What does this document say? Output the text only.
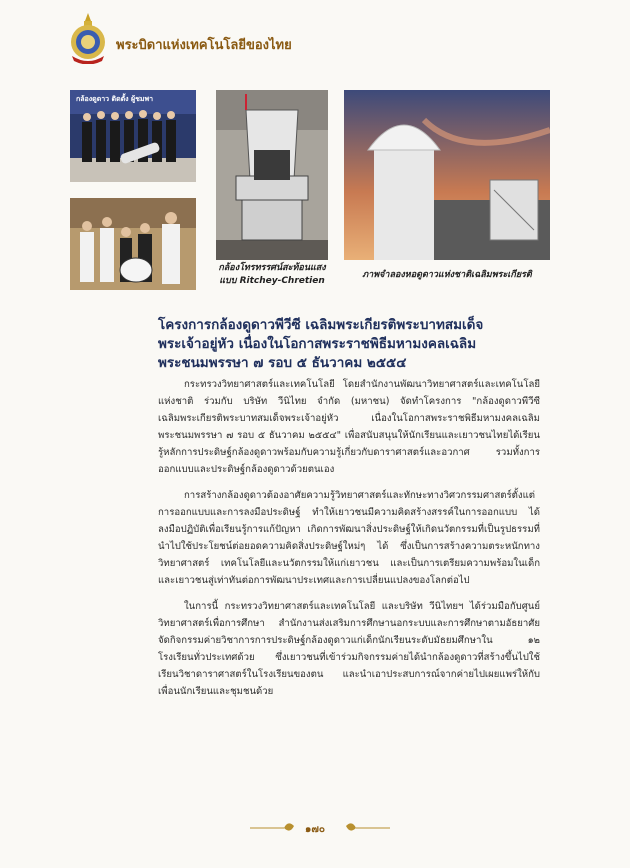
พระบิดาแห่งเทคโนโลยีของไทย
กล้องดูดาว ติดตั้ง ผู้ชมพา
กล้องโทรทรรศน์สะท้อนแสง
แบบ Ritchey-Chretien
ภาพจำลองหอดูดาวแห่งชาติเฉลิมพระเกียรติ
โครงการกล้องดูดาวพีวีซี เฉลิมพระเกียรติพระบาทสมเด็จพระเจ้าอยู่หัว เนื่องในโอกาสพระราชพิธีมหามงคลเฉลิมพระชนมพรรษา ๗ รอบ ๕ ธันวาคม ๒๕๕๔

กระทรวงวิทยาศาสตร์และเทคโนโลยี โดยสำนักงานพัฒนาวิทยาศาสตร์และเทคโนโลยีแห่งชาติ ร่วมกับ บริษัท วีนิไทย จำกัด (มหาชน) จัดทำโครงการ "กล้องดูดาวพีวีซีเฉลิมพระเกียรติพระบาทสมเด็จพระเจ้าอยู่หัว เนื่องในโอกาสพระราชพิธีมหามงคลเฉลิมพระชนมพรรษา ๗ รอบ ๕ ธันวาคม ๒๕๕๔" เพื่อสนับสนุนให้นักเรียนและเยาวชนไทยได้เรียนรู้หลักการประดิษฐ์กล้องดูดาวพร้อมกับความรู้เกี่ยวกับดาราศาสตร์และอวกาศ รวมทั้งการออกแบบและประดิษฐ์กล้องดูดาวด้วยตนเอง

การสร้างกล้องดูดาวต้องอาศัยความรู้วิทยาศาสตร์และทักษะทางวิศวกรรมศาสตร์ตั้งแต่การออกแบบและการลงมือประดิษฐ์ ทำให้เยาวชนมีความคิดสร้างสรรค์ในการออกแบบ ได้ลงมือปฏิบัติเพื่อเรียนรู้การแก้ปัญหา เกิดการพัฒนาสิ่งประดิษฐ์ให้เกิดนวัตกรรมที่เป็นรูปธรรมที่นำไปใช้ประโยชน์ต่อยอดความคิดสิ่งประดิษฐ์ใหม่ๆ ได้ ซึ่งเป็นการสร้างความตระหนักทางวิทยาศาสตร์ เทคโนโลยีและนวัตกรรมให้แก่เยาวชน และเป็นการเตรียมความพร้อมในเด็กและเยาวชนสู่เท่าทันต่อการพัฒนาประเทศและการเปลี่ยนแปลงของโลกต่อไป

ในการนี้ กระทรวงวิทยาศาสตร์และเทคโนโลยี และบริษัท วีนิไทยฯ ได้ร่วมมือกับศูนย์วิทยาศาสตร์เพื่อการศึกษา สำนักงานส่งเสริมการศึกษานอกระบบและการศึกษาตามอัธยาศัย จัดกิจกรรมค่ายวิชาการการประดิษฐ์กล้องดูดาวแก่เด็กนักเรียนระดับมัธยมศึกษาใน ๑๒ โรงเรียนทั่วประเทศด้วย ซึ่งเยาวชนที่เข้าร่วมกิจกรรมค่ายได้นำกล้องดูดาวที่สร้างขึ้นไปใช้เรียนวิชาดาราศาสตร์ในโรงเรียนของตน และนำเอาประสบการณ์จากค่ายไปเผยแพร่ให้กับเพื่อนนักเรียนและชุมชนด้วย

๑๗๐
